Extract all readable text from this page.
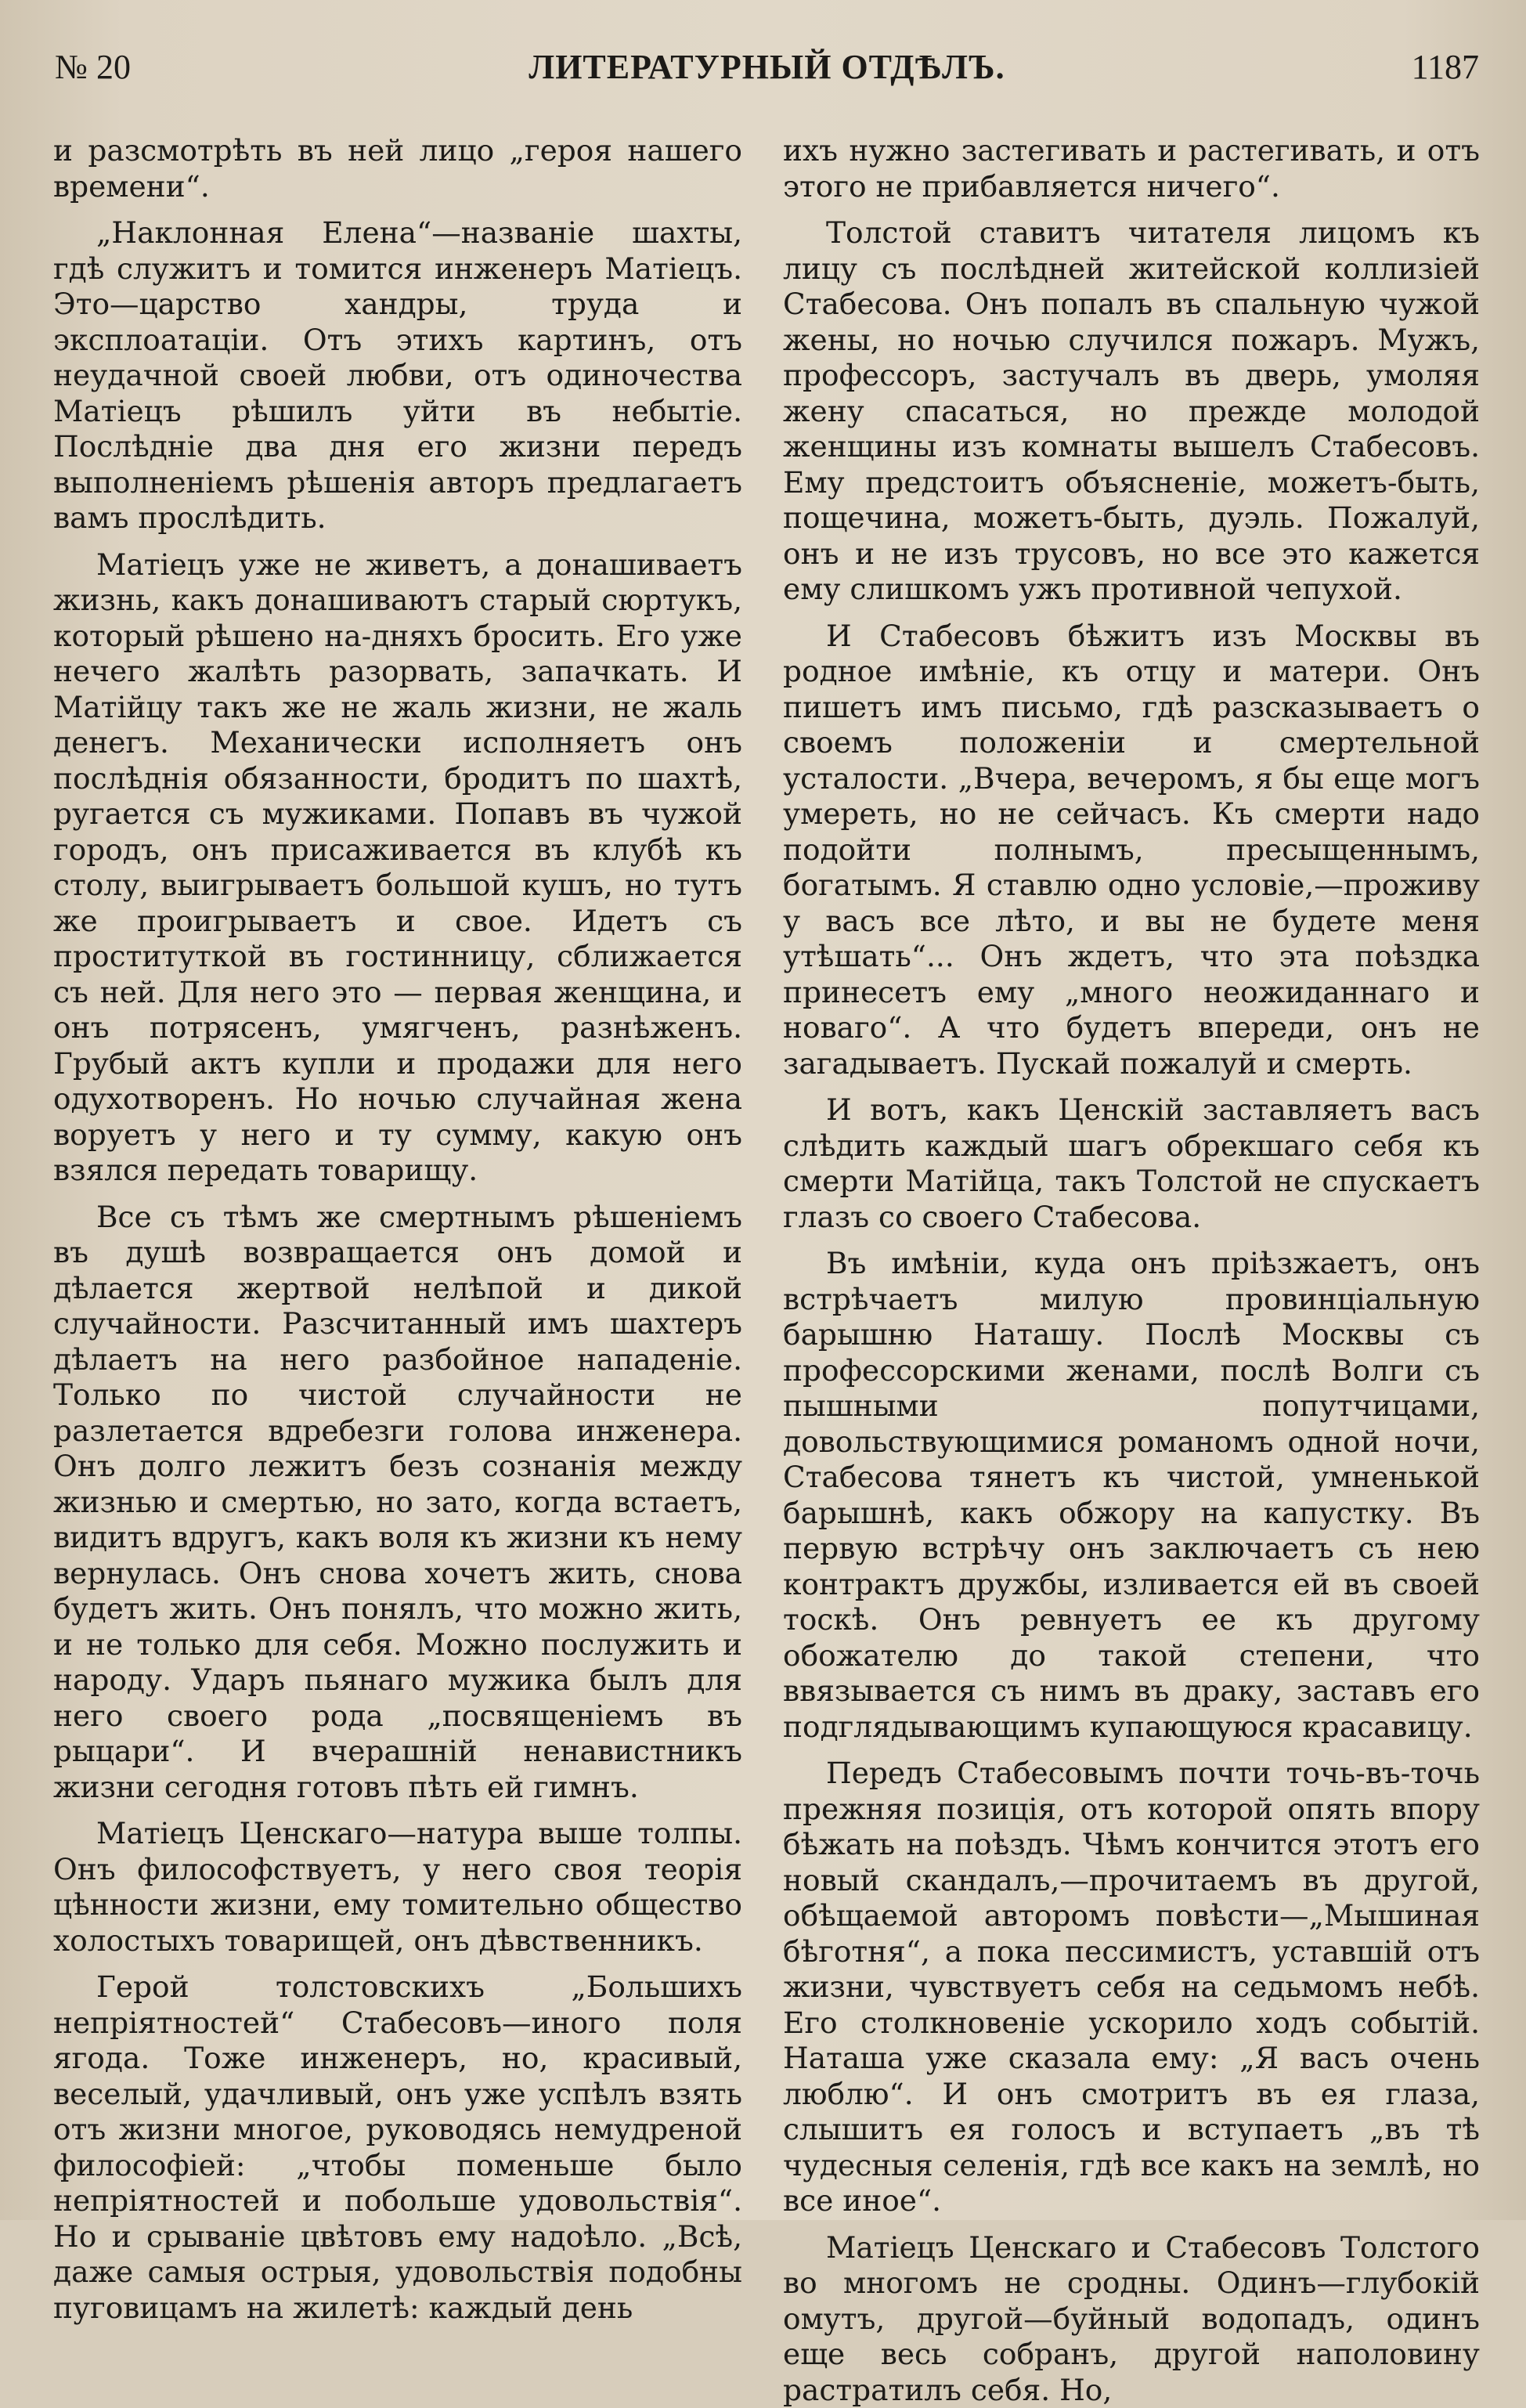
№ 20	ЛИТЕРАТУРНЫЙ ОТДѢЛЪ.	1187

и разсмотрѣть въ ней лицо „героя нашего времени“.

„Наклонная Елена“—названіе шахты, гдѣ служитъ и томится инженеръ Матіецъ. Это—царство хандры, труда и эксплоатаціи. Отъ этихъ картинъ, отъ неудачной своей любви, отъ одиночества Матіецъ рѣшилъ уйти въ небытіе. Послѣдніе два дня его жизни передъ выполненіемъ рѣшенія авторъ предлагаетъ вамъ прослѣдить.

Матіецъ уже не живетъ, а донашиваетъ жизнь, какъ донашиваютъ старый сюртукъ, который рѣшено на-дняхъ бросить. Его уже нечего жалѣть разорвать, запачкать. И Матійцу такъ же не жаль жизни, не жаль денегъ. Механически исполняетъ онъ послѣднія обязанности, бродитъ по шахтѣ, ругается съ мужиками. Попавъ въ чужой городъ, онъ присаживается въ клубѣ къ столу, выигрываетъ большой кушъ, но тутъ же проигрываетъ и свое. Идетъ съ проституткой въ гостинницу, сближается съ ней. Для него это — первая женщина, и онъ потрясенъ, умягченъ, разнѣженъ. Грубый актъ купли и продажи для него одухотворенъ. Но ночью случайная жена воруетъ у него и ту сумму, какую онъ взялся передать товарищу.

Все съ тѣмъ же смертнымъ рѣшеніемъ въ душѣ возвращается онъ домой и дѣлается жертвой нелѣпой и дикой случайности. Разсчитанный имъ шахтеръ дѣлаетъ на него разбойное нападеніе. Только по чистой случайности не разлетается вдребезги голова инженера. Онъ долго лежитъ безъ сознанія между жизнью и смертью, но зато, когда встаетъ, видитъ вдругъ, какъ воля къ жизни къ нему вернулась. Онъ снова хочетъ жить, снова будетъ жить. Онъ понялъ, что можно жить, и не только для себя. Можно послужить и народу. Ударъ пьянаго мужика былъ для него своего рода „посвященіемъ въ рыцари“. И вчерашній ненавистникъ жизни сегодня готовъ пѣть ей гимнъ.

Матіецъ Ценскаго—натура выше толпы. Онъ философствуетъ, у него своя теорія цѣнности жизни, ему томительно общество холостыхъ товарищей, онъ дѣвственникъ.

Герой толстовскихъ „Большихъ непріятностей“ Стабесовъ—иного поля ягода. Тоже инженеръ, но, красивый, веселый, удачливый, онъ уже успѣлъ взять отъ жизни многое, руководясь немудреной философіей: „чтобы поменьше было непріятностей и побольше удовольствія“. Но и срываніе цвѣтовъ ему надоѣло. „Всѣ, даже самыя острыя, удовольствія подобны пуговицамъ на жилетѣ: каждый день

ихъ нужно застегивать и растегивать, и отъ этого не прибавляется ничего“.

Толстой ставитъ читателя лицомъ къ лицу съ послѣдней житейской коллизіей Стабесова. Онъ попалъ въ спальную чужой жены, но ночью случился пожаръ. Мужъ, профессоръ, застучалъ въ дверь, умоляя жену спасаться, но прежде молодой женщины изъ комнаты вышелъ Стабесовъ. Ему предстоитъ объясненіе, можетъ-быть, пощечина, можетъ-быть, дуэль. Пожалуй, онъ и не изъ трусовъ, но все это кажется ему слишкомъ ужъ противной чепухой.

И Стабесовъ бѣжитъ изъ Москвы въ родное имѣніе, къ отцу и матери. Онъ пишетъ имъ письмо, гдѣ разсказываетъ о своемъ положеніи и смертельной усталости. „Вчера, вечеромъ, я бы еще могъ умереть, но не сейчасъ. Къ смерти надо подойти полнымъ, пресыщеннымъ, богатымъ. Я ставлю одно условіе,—проживу у васъ все лѣто, и вы не будете меня утѣшать“... Онъ ждетъ, что эта поѣздка принесетъ ему „много неожиданнаго и новаго“. А что будетъ впереди, онъ не загадываетъ. Пускай пожалуй и смерть.

И вотъ, какъ Ценскій заставляетъ васъ слѣдить каждый шагъ обрекшаго себя къ смерти Матійца, такъ Толстой не спускаетъ глазъ со своего Стабесова.

Въ имѣніи, куда онъ пріѣзжаетъ, онъ встрѣчаетъ милую провинціальную барышню Наташу. Послѣ Москвы съ профессорскими женами, послѣ Волги съ пышными попутчицами, довольствующимися романомъ одной ночи, Стабесова тянетъ къ чистой, умненькой барышнѣ, какъ обжору на капустку. Въ первую встрѣчу онъ заключаетъ съ нею контрактъ дружбы, изливается ей въ своей тоскѣ. Онъ ревнуетъ ее къ другому обожателю до такой степени, что ввязывается съ нимъ въ драку, заставъ его подглядывающимъ купающуюся красавицу.

Передъ Стабесовымъ почти точь-въ-точь прежняя позиція, отъ которой опять впору бѣжать на поѣздъ. Чѣмъ кончится этотъ его новый скандалъ,—прочитаемъ въ другой, обѣщаемой авторомъ повѣсти—„Мышиная бѣготня“, а пока пессимистъ, уставшій отъ жизни, чувствуетъ себя на седьмомъ небѣ. Его столкновеніе ускорило ходъ событій. Наташа уже сказала ему: „Я васъ очень люблю“. И онъ смотритъ въ ея глаза, слышитъ ея голосъ и вступаетъ „въ тѣ чудесныя селенія, гдѣ все какъ на землѣ, но все иное“.

Матіецъ Ценскаго и Стабесовъ Толстого во многомъ не сродны. Одинъ—глубокій омутъ, другой—буйный водопадъ, одинъ еще весь собранъ, другой наполовину растратилъ себя. Но,
